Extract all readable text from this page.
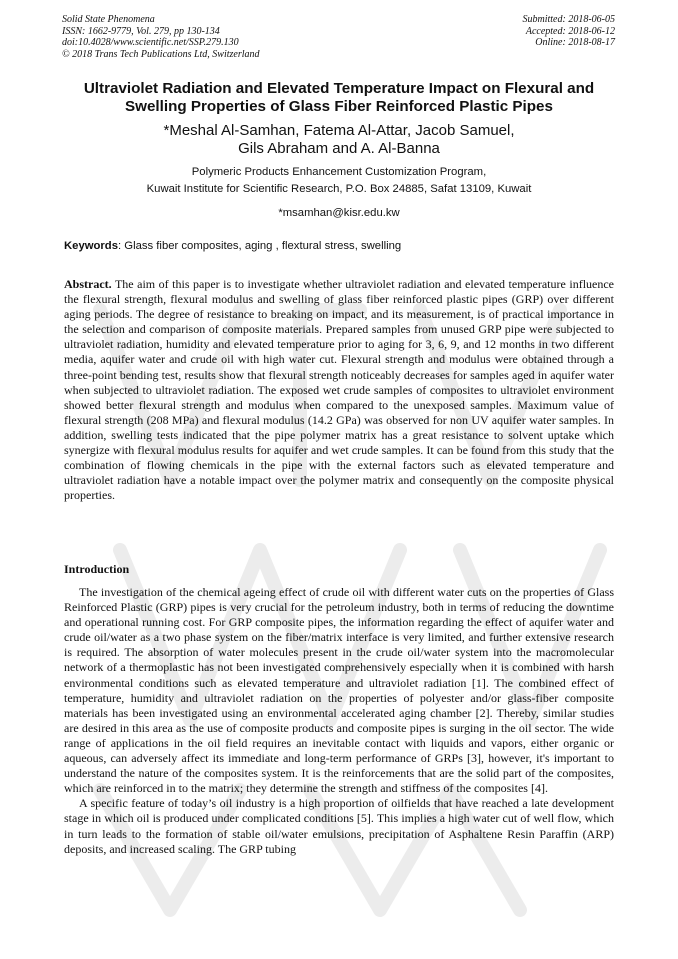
Solid State Phenomena
ISSN: 1662-9779, Vol. 279, pp 130-134
doi:10.4028/www.scientific.net/SSP.279.130
© 2018 Trans Tech Publications Ltd, Switzerland
Submitted: 2018-06-05
Accepted: 2018-06-12
Online: 2018-08-17
Ultraviolet Radiation and Elevated Temperature Impact on Flexural and
Swelling Properties of Glass Fiber Reinforced Plastic Pipes
*Meshal Al-Samhan, Fatema Al-Attar, Jacob Samuel,
Gils Abraham and A. Al-Banna
Polymeric Products Enhancement Customization Program,
Kuwait Institute for Scientific Research, P.O. Box 24885, Safat 13109, Kuwait
*msamhan@kisr.edu.kw
Keywords: Glass fiber composites, aging , flextural stress, swelling
Abstract. The aim of this paper is to investigate whether ultraviolet radiation and elevated temperature influence the flexural strength, flexural modulus and swelling of glass fiber reinforced plastic pipes (GRP) over different aging periods. The degree of resistance to breaking on impact, and its measurement, is of practical importance in the selection and comparison of composite materials. Prepared samples from unused GRP pipe were subjected to ultraviolet radiation, humidity and elevated temperature prior to aging for 3, 6, 9, and 12 months in two different media, aquifer water and crude oil with high water cut. Flexural strength and modulus were obtained through a three-point bending test, results show that flexural strength noticeably decreases for samples aged in aquifer water when subjected to ultraviolet radiation. The exposed wet crude samples of composites to ultraviolet environment showed better flexural strength and modulus when compared to the unexposed samples. Maximum value of flexural strength (208 MPa) and flexural modulus (14.2 GPa) was observed for non UV aquifer water samples. In addition, swelling tests indicated that the pipe polymer matrix has a great resistance to solvent uptake which synergize with flexural modulus results for aquifer and wet crude samples. It can be found from this study that the combination of flowing chemicals in the pipe with the external factors such as elevated temperature and ultraviolet radiation have a notable impact over the polymer matrix and consequently on the composite physical properties.
Introduction

The investigation of the chemical ageing effect of crude oil with different water cuts on the properties of Glass Reinforced Plastic (GRP) pipes is very crucial for the petroleum industry, both in terms of reducing the downtime and operational running cost. For GRP composite pipes, the information regarding the effect of aquifer water and crude oil/water as a two phase system on the fiber/matrix interface is very limited, and further extensive research is required. The absorption of water molecules present in the crude oil/water system into the macromolecular network of a thermoplastic has not been investigated comprehensively especially when it is combined with harsh environmental conditions such as elevated temperature and ultraviolet radiation [1]. The combined effect of temperature, humidity and ultraviolet radiation on the properties of polyester and/or glass-fiber composite materials has been investigated using an environmental accelerated aging chamber [2]. Thereby, similar studies are desired in this area as the use of composite products and composite pipes is surging in the oil sector. The wide range of applications in the oil field requires an inevitable contact with liquids and vapors, either organic or aqueous, can adversely affect its immediate and long-term performance of GRPs [3], however, it's important to understand the nature of the composites system. It is the reinforcements that are the solid part of the composites, which are reinforced in to the matrix; they determine the strength and stiffness of the composites [4].

A specific feature of today’s oil industry is a high proportion of oilfields that have reached a late development stage in which oil is produced under complicated conditions [5]. This implies a high water cut of well flow, which in turn leads to the formation of stable oil/water emulsions, precipitation of Asphaltene Resin Paraffin (ARP) deposits, and increased scaling. The GRP tubing
